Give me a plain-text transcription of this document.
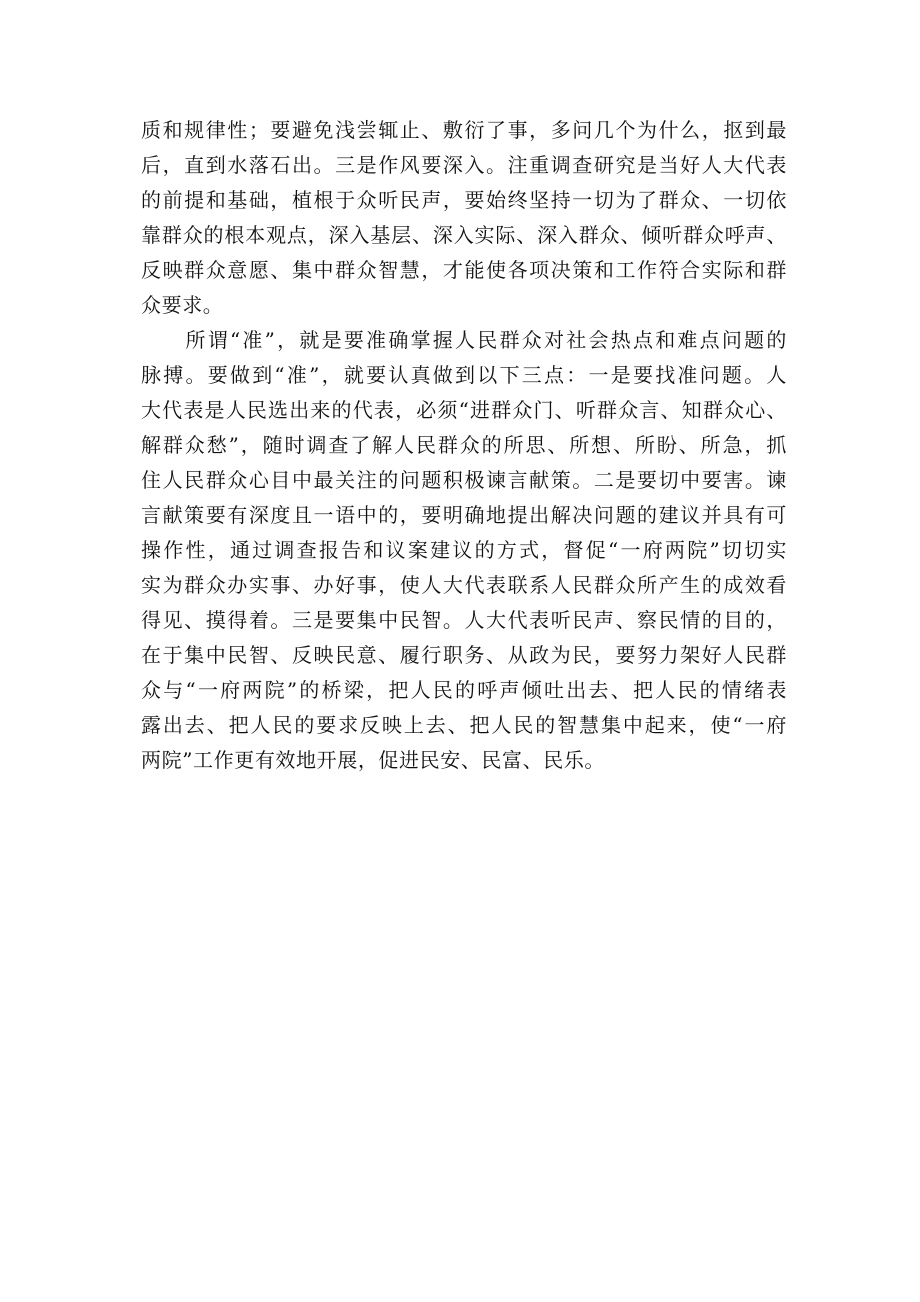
质和规律性；要避免浅尝辄止、敷衍了事，多问几个为什么，抠到最
后，直到水落石出。三是作风要深入。注重调查研究是当好人大代表
的前提和基础，植根于众听民声，要始终坚持一切为了群众、一切依
靠群众的根本观点，深入基层、深入实际、深入群众、倾听群众呼声、
反映群众意愿、集中群众智慧，才能使各项决策和工作符合实际和群
众要求。
　　所谓“准”，就是要准确掌握人民群众对社会热点和难点问题的
脉搏。要做到“准”，就要认真做到以下三点：一是要找准问题。人
大代表是人民选出来的代表，必须“进群众门、听群众言、知群众心、
解群众愁”，随时调查了解人民群众的所思、所想、所盼、所急，抓
住人民群众心目中最关注的问题积极谏言献策。二是要切中要害。谏
言献策要有深度且一语中的，要明确地提出解决问题的建议并具有可
操作性，通过调查报告和议案建议的方式，督促“一府两院”切切实
实为群众办实事、办好事，使人大代表联系人民群众所产生的成效看
得见、摸得着。三是要集中民智。人大代表听民声、察民情的目的，
在于集中民智、反映民意、履行职务、从政为民，要努力架好人民群
众与“一府两院”的桥梁，把人民的呼声倾吐出去、把人民的情绪表
露出去、把人民的要求反映上去、把人民的智慧集中起来，使“一府
两院”工作更有效地开展，促进民安、民富、民乐。
